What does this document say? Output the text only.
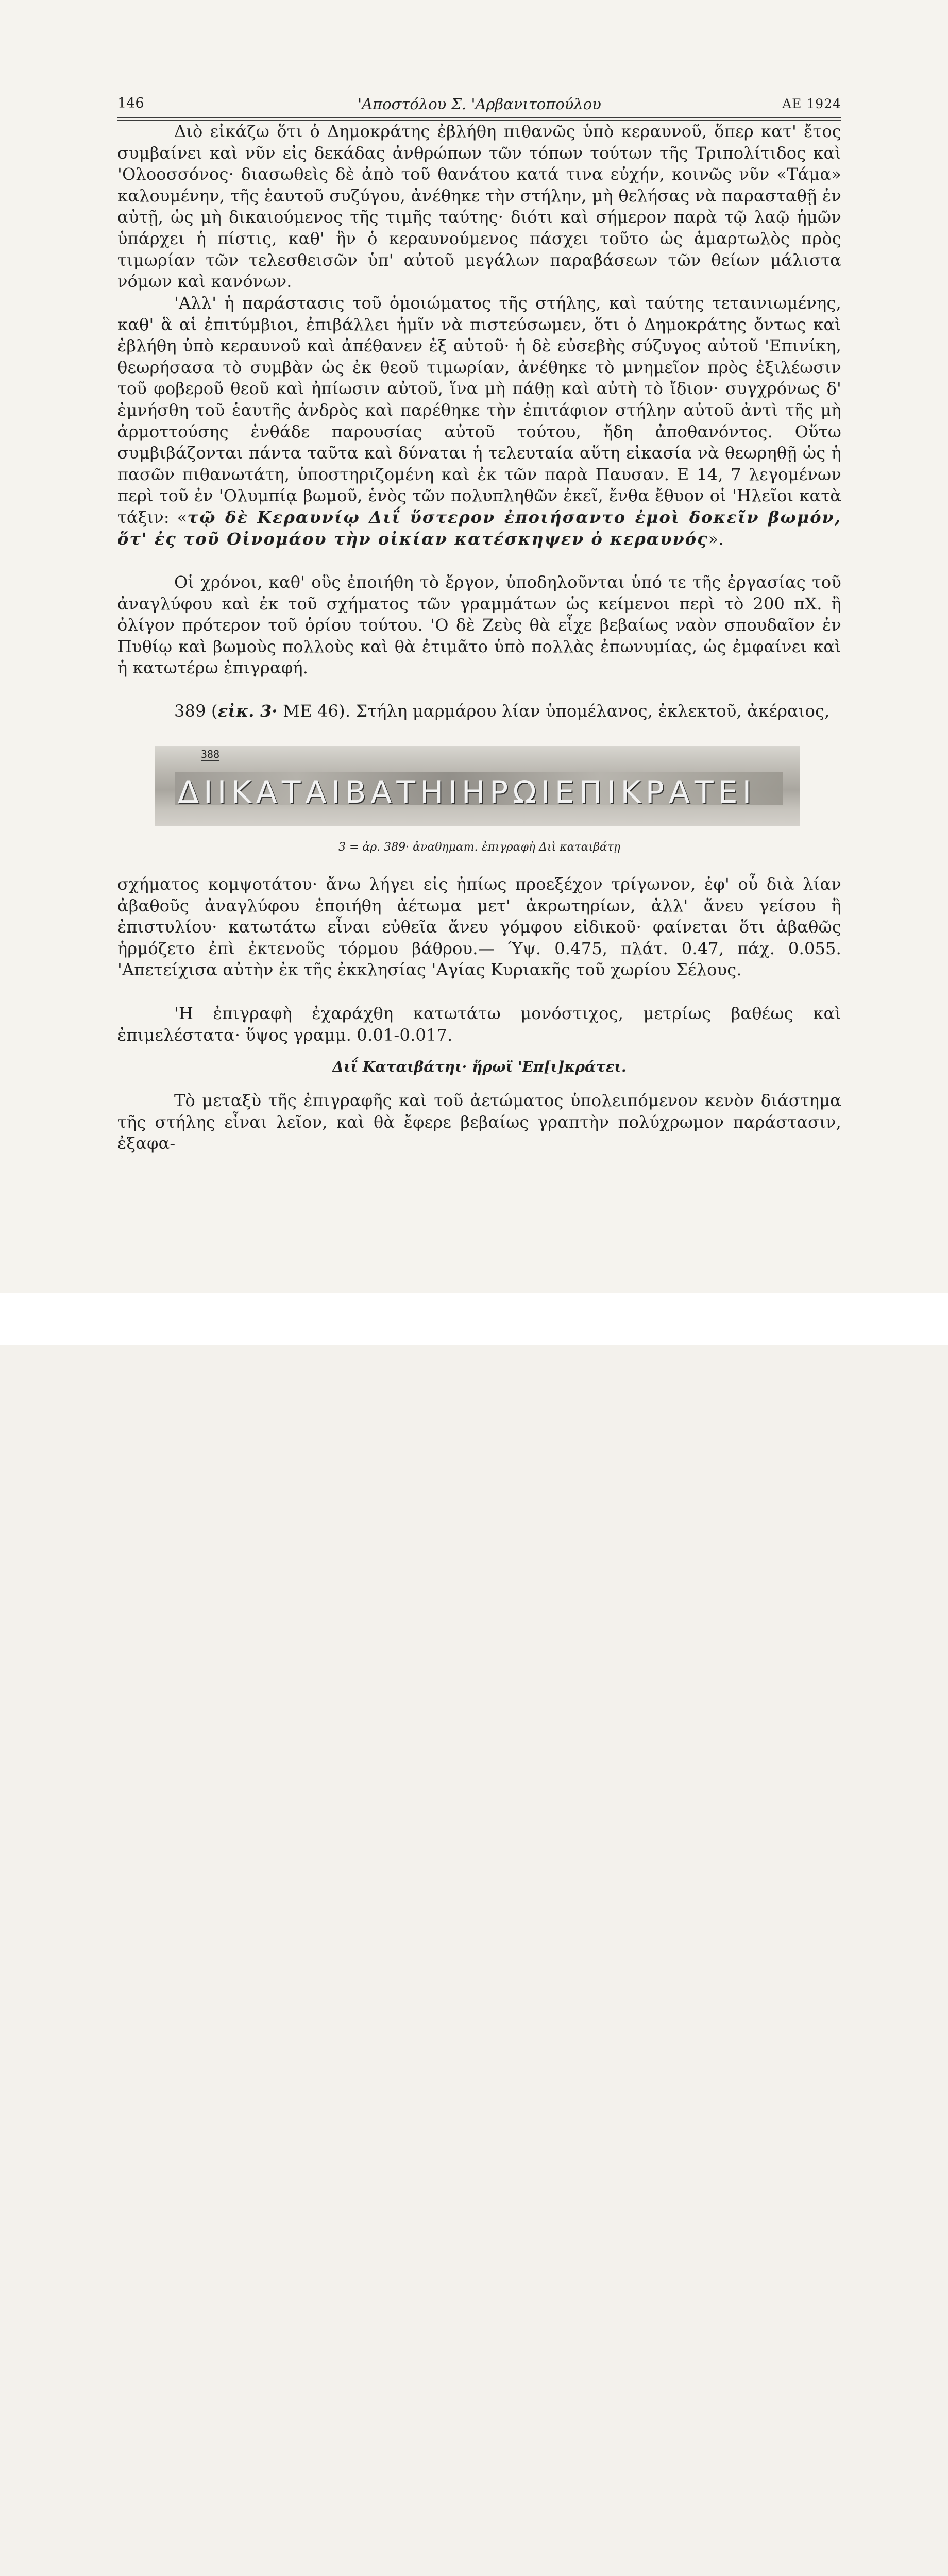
146	'Αποστόλου Σ. 'Αρβανιτοπούλου	ΑΕ 1924

Διὸ εἰκάζω ὅτι ὁ Δημοκράτης ἐβλήθη πιθανῶς ὑπὸ κεραυνοῦ, ὅπερ κατ' ἔτος συμβαίνει καὶ νῦν εἰς δεκάδας ἀνθρώπων τῶν τόπων τούτων τῆς Τριπολίτιδος καὶ 'Ολοοσσόνος· διασωθεὶς δὲ ἀπὸ τοῦ θανάτου κατά τινα εὐχήν, κοινῶς νῦν «Τάμα» καλουμένην, τῆς ἑαυτοῦ συζύγου, ἀνέθηκε τὴν στήλην, μὴ θελήσας νὰ παρασταθῇ ἐν αὐτῇ, ὡς μὴ δικαιούμενος τῆς τιμῆς ταύτης· διότι καὶ σήμερον παρὰ τῷ λαῷ ἡμῶν ὑπάρχει ἡ πίστις, καθ' ἣν ὁ κεραυνούμενος πάσχει τοῦτο ὡς ἁμαρτωλὸς πρὸς τιμωρίαν τῶν τελεσθεισῶν ὑπ' αὐτοῦ μεγάλων παραβάσεων τῶν θείων μάλιστα νόμων καὶ κανόνων.

'Αλλ' ἡ παράστασις τοῦ ὁμοιώματος τῆς στήλης, καὶ ταύτης τεταινιωμένης, καθ' ἃ αἱ ἐπιτύμβιοι, ἐπιβάλλει ἡμῖν νὰ πιστεύσωμεν, ὅτι ὁ Δημοκράτης ὄντως καὶ ἐβλήθη ὑπὸ κεραυνοῦ καὶ ἀπέθανεν ἐξ αὐτοῦ· ἡ δὲ εὐσεβὴς σύζυγος αὐτοῦ 'Επινίκη, θεωρήσασα τὸ συμβὰν ὡς ἐκ θεοῦ τιμωρίαν, ἀνέθηκε τὸ μνημεῖον πρὸς ἐξιλέωσιν τοῦ φοβεροῦ θεοῦ καὶ ἠπίωσιν αὐτοῦ, ἵνα μὴ πάθῃ καὶ αὐτὴ τὸ ἴδιον· συγχρόνως δ' ἐμνήσθη τοῦ ἑαυτῆς ἀνδρὸς καὶ παρέθηκε τὴν ἐπιτάφιον στήλην αὐτοῦ ἀντὶ τῆς μὴ ἁρμοττούσης ἐνθάδε παρουσίας αὐτοῦ τούτου, ἤδη ἀποθανόντος. Οὕτω συμβιβάζονται πάντα ταῦτα καὶ δύναται ἡ τελευταία αὕτη εἰκασία νὰ θεωρηθῇ ὡς ἡ πασῶν πιθανωτάτη, ὑποστηριζομένη καὶ ἐκ τῶν παρὰ Παυσαν. Ε 14, 7 λεγομένων περὶ τοῦ ἐν 'Ολυμπίᾳ βωμοῦ, ἑνὸς τῶν πολυπληθῶν ἐκεῖ, ἔνθα ἔθυον οἱ 'Ηλεῖοι κατὰ τάξιν: «τῷ δὲ Κεραυνίῳ Διΐ ὕστερον ἐποιήσαντο ἐμοὶ δοκεῖν βωμόν, ὅτ' ἐς τοῦ Οἰνομάου τὴν οἰκίαν κατέσκηψεν ὁ κεραυνός».

Οἱ χρόνοι, καθ' οὓς ἐποιήθη τὸ ἔργον, ὑποδηλοῦνται ὑπό τε τῆς ἐργασίας τοῦ ἀναγλύφου καὶ ἐκ τοῦ σχήματος τῶν γραμμάτων ὡς κείμενοι περὶ τὸ 200 πΧ. ἢ ὀλίγον πρότερον τοῦ ὁρίου τούτου. 'Ο δὲ Ζεὺς θὰ εἶχε βεβαίως ναὸν σπουδαῖον ἐν Πυθίῳ καὶ βωμοὺς πολλοὺς καὶ θὰ ἐτιμᾶτο ὑπὸ πολλὰς ἐπωνυμίας, ὡς ἐμφαίνει καὶ ἡ κατωτέρω ἐπιγραφή.

389 (εἰκ. 3· ΜΕ 46). Στήλη μαρμάρου λίαν ὑπομέλανος, ἐκλεκτοῦ, ἀκέραιος,

388
ΔΙΙΚΑΤΑΙΒΑΤΗΙΗΡΩΙΕΠΙΚΡΑΤΕΙ
3 = ἀρ. 389· ἀναθημαт. ἐπιγραφὴ Διὶ καταιβάτῃ

σχήματος κομψοτάτου· ἄνω λήγει εἰς ἠπίως προεξέχον τρίγωνον, ἐφ' οὗ διὰ λίαν ἀβαθοῦς ἀναγλύφου ἐποιήθη ἀέτωμα μετ' ἀκρωτηρίων, ἀλλ' ἄνευ γείσου ἢ ἐπιστυλίου· κατωτάτω εἶναι εὐθεῖα ἄνευ γόμφου εἰδικοῦ· φαίνεται ὅτι ἀβαθῶς ἡρμόζετο ἐπὶ ἐκτενοῦς τόρμου βάθρου.— Ύψ. 0.475, πλάτ. 0.47, πάχ. 0.055. 'Απετείχισα αὐτὴν ἐκ τῆς ἐκκλησίας 'Αγίας Κυριακῆς τοῦ χωρίου Σέλους.

'Η ἐπιγραφὴ ἐχαράχθη κατωτάτω μονόστιχος, μετρίως βαθέως καὶ ἐπιμελέστατα· ὕψος γραμμ. 0.01-0.017.

Διΐ Καταιβάτηι· ἥρωϊ 'Επ[ι]κράτει.

Τὸ μεταξὺ τῆς ἐπιγραφῆς καὶ τοῦ ἀετώματος ὑπολειπόμενον κενὸν διάστημα τῆς στήλης εἶναι λεῖον, καὶ θὰ ἔφερε βεβαίως γραπτὴν πολύχρωμον παράστασιν, ἐξαφα-
